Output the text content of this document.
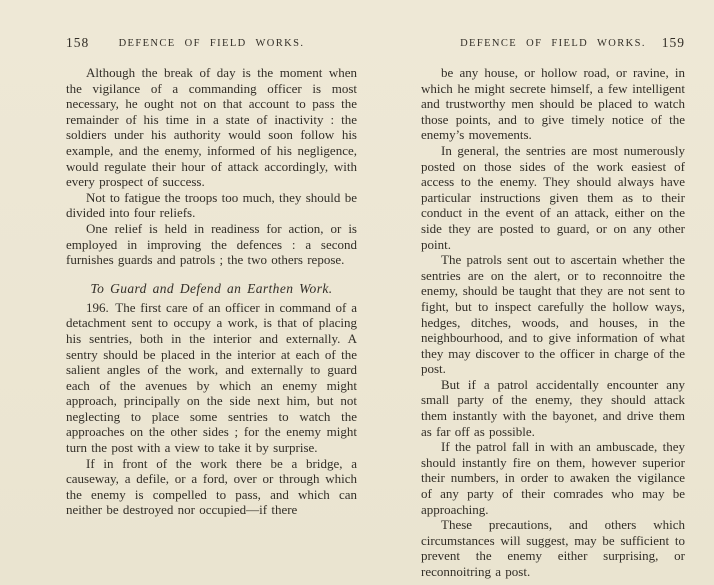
158	DEFENCE OF FIELD WORKS.

Although the break of day is the moment when the vigilance of a commanding officer is most necessary, he ought not on that account to pass the remainder of his time in a state of inactivity : the soldiers under his authority would soon follow his example, and the enemy, informed of his negligence, would regulate their hour of attack accordingly, with every prospect of success.

Not to fatigue the troops too much, they should be divided into four reliefs.

One relief is held in readiness for action, or is employed in improving the defences : a second furnishes guards and patrols ; the two others repose.

To Guard and Defend an Earthen Work.

196. The first care of an officer in command of a detachment sent to occupy a work, is that of placing his sentries, both in the interior and externally. A sentry should be placed in the interior at each of the salient angles of the work, and externally to guard each of the avenues by which an enemy might approach, principally on the side next him, but not neglecting to place some sentries to watch the approaches on the other sides ; for the enemy might turn the post with a view to take it by surprise.

If in front of the work there be a bridge, a causeway, a defile, or a ford, over or through which the enemy is compelled to pass, and which can neither be destroyed nor occupied—if there

DEFENCE OF FIELD WORKS.	159

be any house, or hollow road, or ravine, in which he might secrete himself, a few intelligent and trustworthy men should be placed to watch those points, and to give timely notice of the enemy’s movements.

In general, the sentries are most numerously posted on those sides of the work easiest of access to the enemy. They should always have particular instructions given them as to their conduct in the event of an attack, either on the side they are posted to guard, or on any other point.

The patrols sent out to ascertain whether the sentries are on the alert, or to reconnoitre the enemy, should be taught that they are not sent to fight, but to inspect carefully the hollow ways, hedges, ditches, woods, and houses, in the neighbourhood, and to give information of what they may discover to the officer in charge of the post.

But if a patrol accidentally encounter any small party of the enemy, they should attack them instantly with the bayonet, and drive them as far off as possible.

If the patrol fall in with an ambuscade, they should instantly fire on them, however superior their numbers, in order to awaken the vigilance of any party of their comrades who may be approaching.

These precautions, and others which circumstances will suggest, may be sufficient to prevent the enemy either surprising, or reconnoitring a post.
